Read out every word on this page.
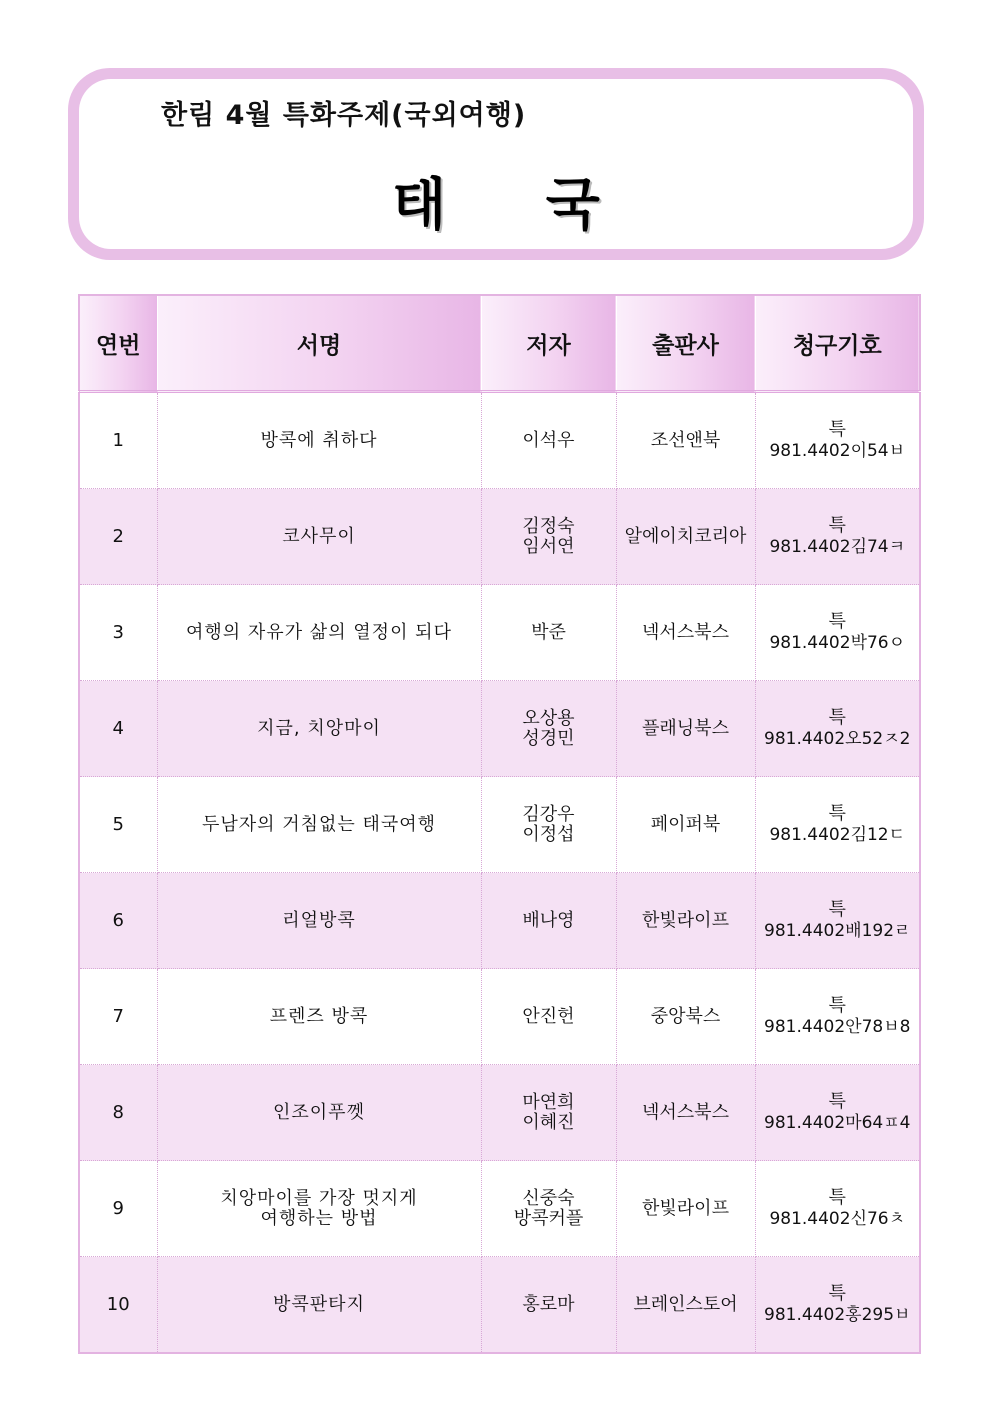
한림 4월 특화주제(국외여행)
태 국
연번	서명	저자	출판사	청구기호
1	방콕에 취하다	이석우	조선앤북	특
981.4402이54ㅂ

2	코사무이	김정숙
임서연	알에이치코리아	특
981.4402김74ㅋ

3	여행의 자유가 삶의 열정이 되다	박준	넥서스북스	특
981.4402박76ㅇ

4	지금, 치앙마이	오상용
성경민	플래닝북스	특
981.4402오52ㅈ2

5	두남자의 거침없는 태국여행	김강우
이정섭	페이퍼북	특
981.4402김12ㄷ

6	리얼방콕	배나영	한빛라이프	특
981.4402배192ㄹ

7	프렌즈 방콕	안진헌	중앙북스	특
981.4402안78ㅂ8

8	인조이푸껫	마연희
이혜진	넥서스북스	특
981.4402마64ㅍ4

9	치앙마이를 가장 멋지게
여행하는 방법	신중숙
방콕커플	한빛라이프	특
981.4402신76ㅊ

10	방콕판타지	홍로마	브레인스토어	특
981.4402홍295ㅂ
